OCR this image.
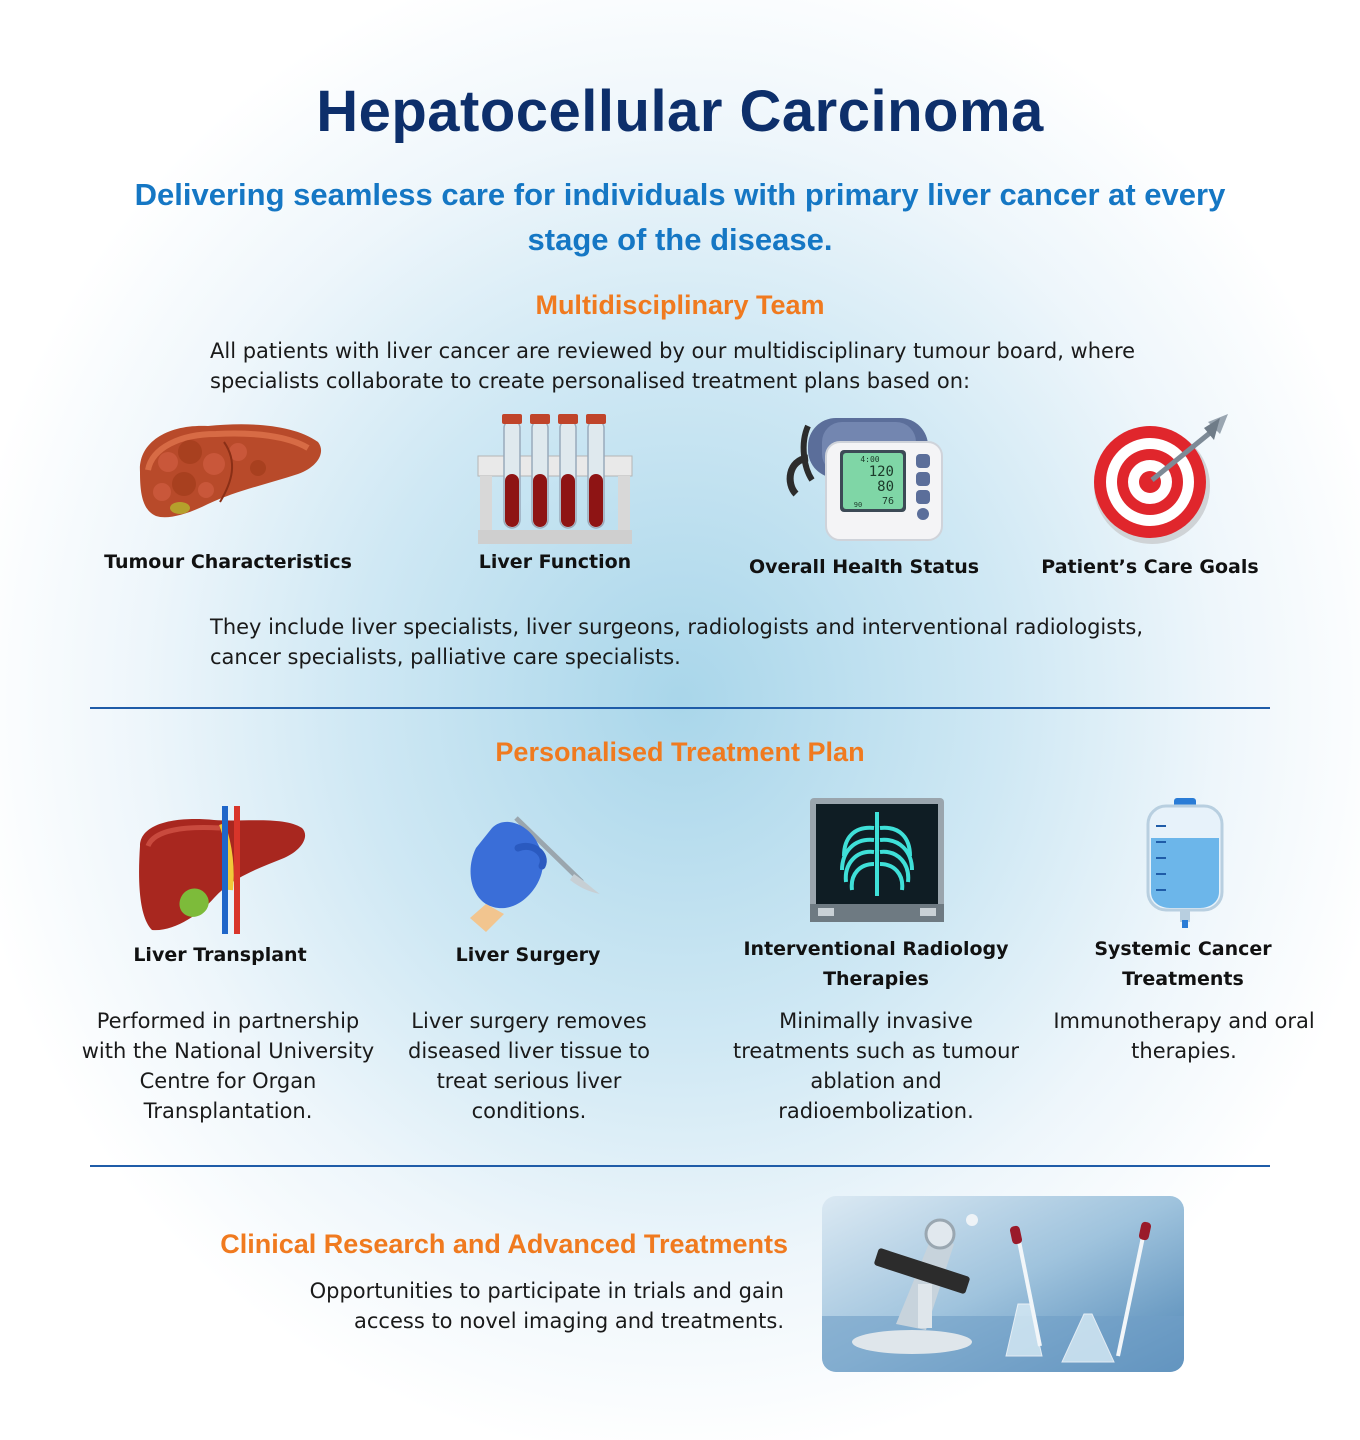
Hepatocellular Carcinoma
Delivering seamless care for individuals with primary liver cancer at every stage of the disease.
Multidisciplinary Team
All patients with liver cancer are reviewed by our multidisciplinary tumour board, where specialists collaborate to create personalised treatment plans based on:
4:00
120
80
76
90
Tumour Characteristics	Liver Function	Overall Health Status	Patient’s Care Goals
They include liver specialists, liver surgeons, radiologists and interventional radiologists, cancer specialists, palliative care specialists.
Personalised Treatment Plan
Liver Transplant	Liver Surgery	Interventional Radiology Therapies
Systemic Cancer Treatments
Performed in partnership with the National University Centre for Organ Transplantation.
Liver surgery removes diseased liver tissue to treat serious liver conditions.
Minimally invasive treatments such as tumour ablation and radioembolization.
Immunotherapy and oral therapies.
Clinical Research and Advanced Treatments
Opportunities to participate in trials and gain access to novel imaging and treatments.
